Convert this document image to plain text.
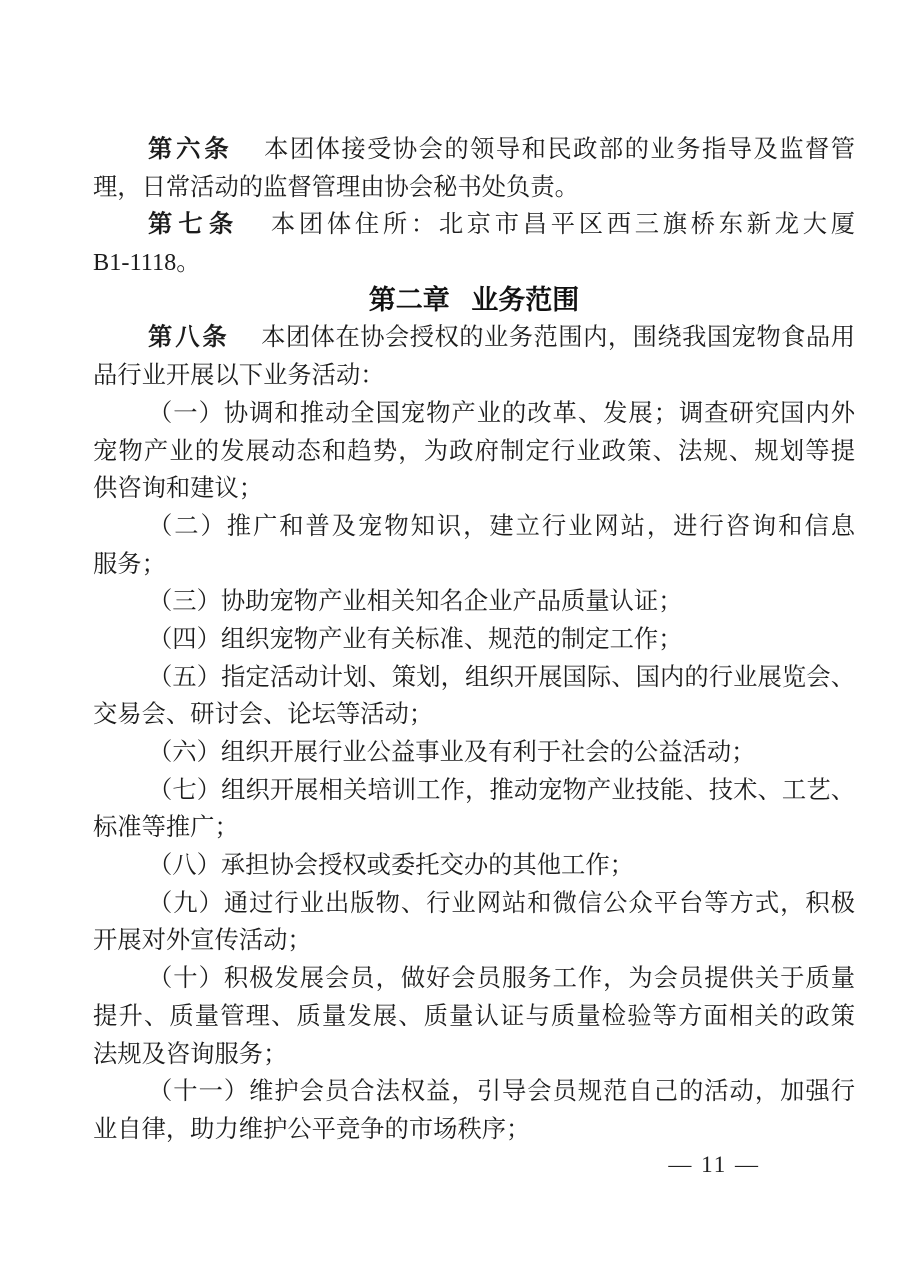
第六条 本团体接受协会的领导和民政部的业务指导及监督管
理，日常活动的监督管理由协会秘书处负责。
第七条 本团体住所：北京市昌平区西三旗桥东新龙大厦
B1-1118。
第二章 业务范围
第八条 本团体在协会授权的业务范围内，围绕我国宠物食品用
品行业开展以下业务活动：
（一）协调和推动全国宠物产业的改革、发展；调查研究国内外
宠物产业的发展动态和趋势，为政府制定行业政策、法规、规划等提
供咨询和建议；
（二）推广和普及宠物知识，建立行业网站，进行咨询和信息
服务；
（三）协助宠物产业相关知名企业产品质量认证；
（四）组织宠物产业有关标准、规范的制定工作；
（五）指定活动计划、策划，组织开展国际、国内的行业展览会、
交易会、研讨会、论坛等活动；
（六）组织开展行业公益事业及有利于社会的公益活动；
（七）组织开展相关培训工作，推动宠物产业技能、技术、工艺、
标准等推广；
（八）承担协会授权或委托交办的其他工作；
（九）通过行业出版物、行业网站和微信公众平台等方式，积极
开展对外宣传活动；
（十）积极发展会员，做好会员服务工作，为会员提供关于质量
提升、质量管理、质量发展、质量认证与质量检验等方面相关的政策
法规及咨询服务；
（十一）维护会员合法权益，引导会员规范自己的活动，加强行
业自律，助力维护公平竞争的市场秩序；
— 11 —
